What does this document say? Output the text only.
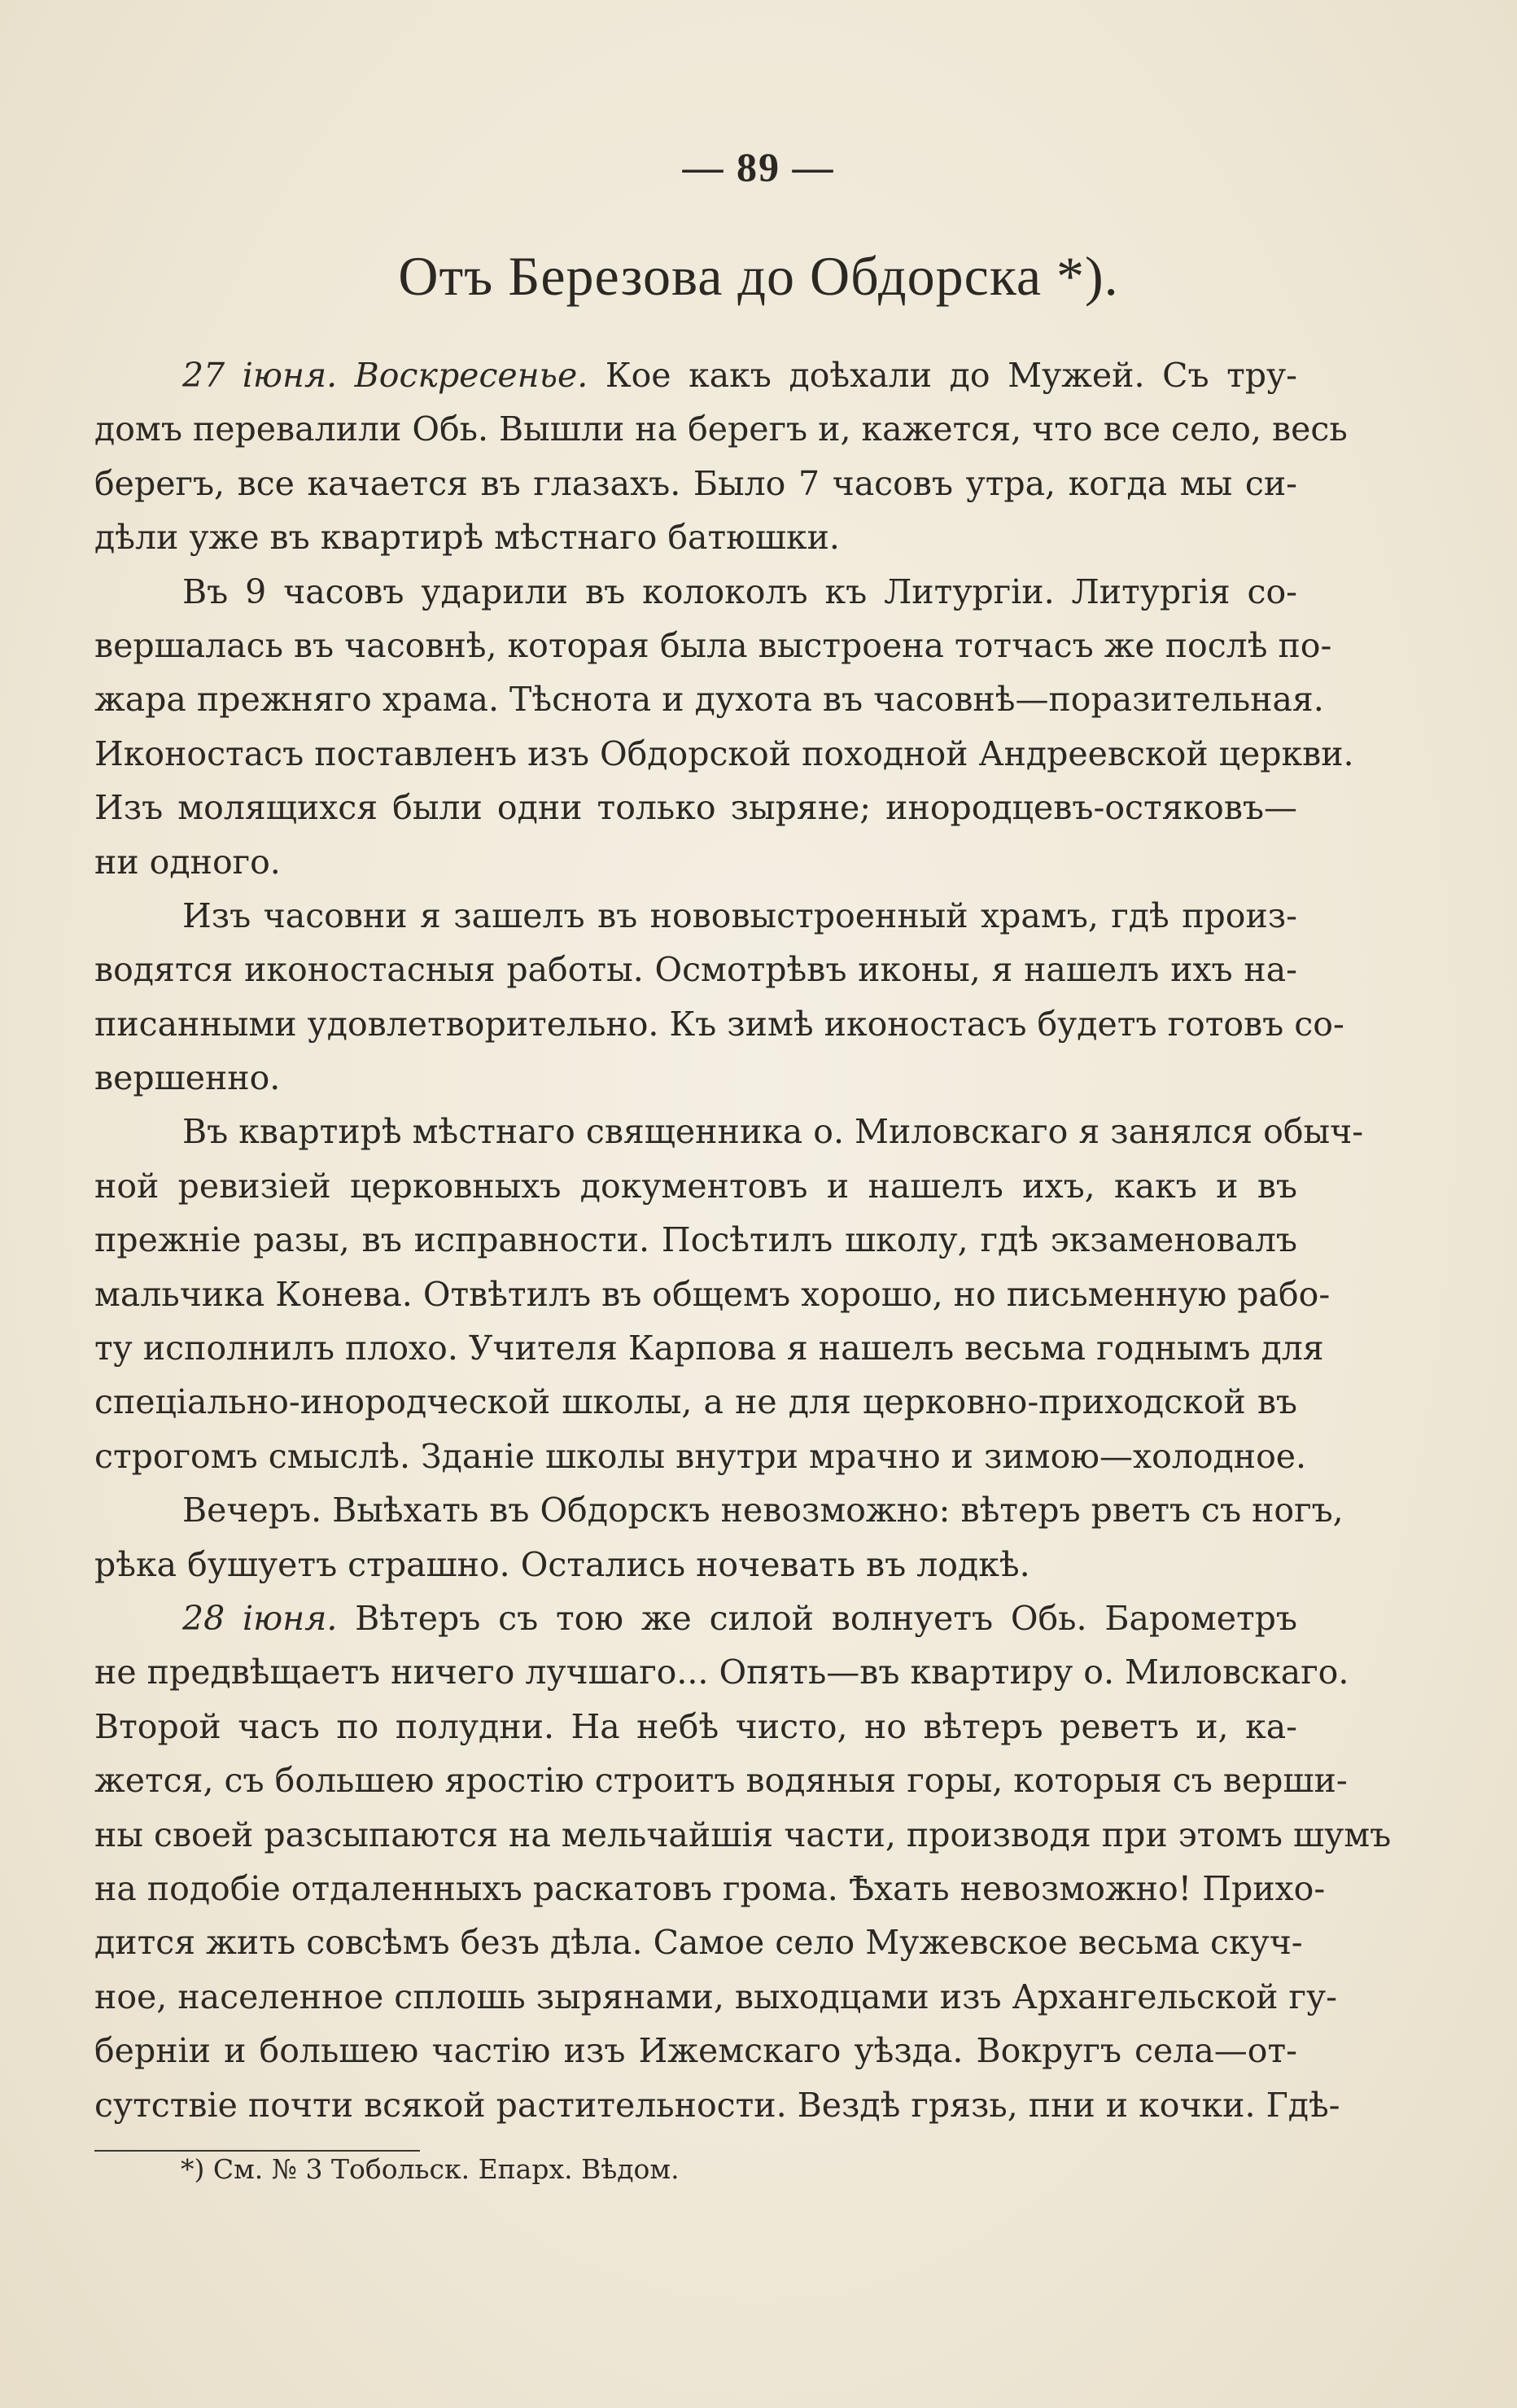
— 89 —
Отъ Березова до Обдорска *).
27 іюня. Воскресенье. Кое какъ доѣхали до Мужей. Съ тру-
домъ перевалили Обь. Вышли на берегъ и, кажется, что все село, весь
берегъ, все качается въ глазахъ. Было 7 часовъ утра, когда мы си-
дѣли уже въ квартирѣ мѣстнаго батюшки.
Въ 9 часовъ ударили въ колоколъ къ Литургіи. Литургія со-
вершалась въ часовнѣ, которая была выстроена тотчасъ же послѣ по-
жара прежняго храма. Тѣснота и духота въ часовнѣ—поразительная.
Иконостасъ поставленъ изъ Обдорской походной Андреевской церкви.
Изъ молящихся были одни только зыряне; инородцевъ-остяковъ—
ни одного.
Изъ часовни я зашелъ въ нововыстроенный храмъ, гдѣ произ-
водятся иконостасныя работы. Осмотрѣвъ иконы, я нашелъ ихъ на-
писанными удовлетворительно. Къ зимѣ иконостасъ будетъ готовъ со-
вершенно.
Въ квартирѣ мѣстнаго священника о. Миловскаго я занялся обыч-
ной ревизіей церковныхъ документовъ и нашелъ ихъ, какъ и въ
прежніе разы, въ исправности. Посѣтилъ школу, гдѣ экзаменовалъ
мальчика Конева. Отвѣтилъ въ общемъ хорошо, но письменную рабо-
ту исполнилъ плохо. Учителя Карпова я нашелъ весьма годнымъ для
спеціально-инородческой школы, а не для церковно-приходской въ
строгомъ смыслѣ. Зданіе школы внутри мрачно и зимою—холодное.
Вечеръ. Выѣхать въ Обдорскъ невозможно: вѣтеръ рветъ съ ногъ,
рѣка бушуетъ страшно. Остались ночевать въ лодкѣ.
28 іюня. Вѣтеръ съ тою же силой волнуетъ Обь. Барометръ
не предвѣщаетъ ничего лучшаго... Опять—въ квартиру о. Миловскаго.
Второй часъ по полудни. На небѣ чисто, но вѣтеръ реветъ и, ка-
жется, съ большею яростію строитъ водяныя горы, которыя съ верши-
ны своей разсыпаются на мельчайшія части, производя при этомъ шумъ
на подобіе отдаленныхъ раскатовъ грома. Ѣхать невозможно! Прихо-
дится жить совсѣмъ безъ дѣла. Самое село Мужевское весьма скуч-
ное, населенное сплошь зырянами, выходцами изъ Архангельской гу-
берніи и большею частію изъ Ижемскаго уѣзда. Вокругъ села—от-
сутствіе почти всякой растительности. Вездѣ грязь, пни и кочки. Гдѣ-
*) См. № 3 Тобольск. Епарх. Вѣдом.
